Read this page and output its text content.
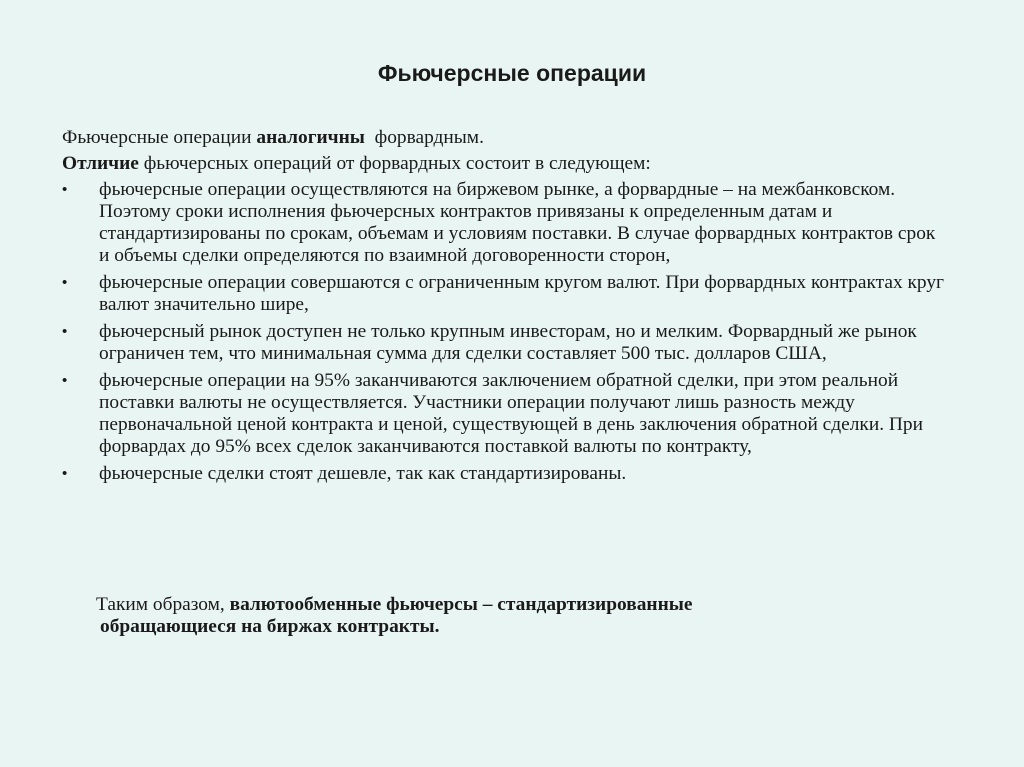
Фьючерсные операции

Фьючерсные операции аналогичны  форвардным.

Отличие фьючерсных операций от форвардных состоит в следующем:

• фьючерсные операции осуществляются на биржевом рынке, а форвардные – на межбанковском. Поэтому сроки исполнения фьючерсных контрактов привязаны к определенным датам и стандартизированы по срокам, объемам и условиям поставки. В случае форвардных контрактов срок и объемы сделки определяются по взаимной договоренности сторон,
• фьючерсные операции совершаются с ограниченным кругом валют. При форвардных контрактах круг валют значительно шире,
• фьючерсный рынок доступен не только крупным инвесторам, но и мелким. Форвардный же рынок ограничен тем, что минимальная сумма для сделки составляет 500 тыс. долларов США,
• фьючерсные операции на 95% заканчиваются заключением обратной сделки, при этом реальной поставки валюты не осуществляется. Участники операции получают лишь разность между первоначальной ценой контракта и ценой, существующей в день заключения обратной сделки. При форвардах до 95% всех сделок заканчиваются поставкой валюты по контракту,
• фьючерсные сделки стоят дешевле, так как стандартизированы.
Таким образом, валютообменные фьючерсы – стандартизированные
обращающиеся на биржах контракты.
